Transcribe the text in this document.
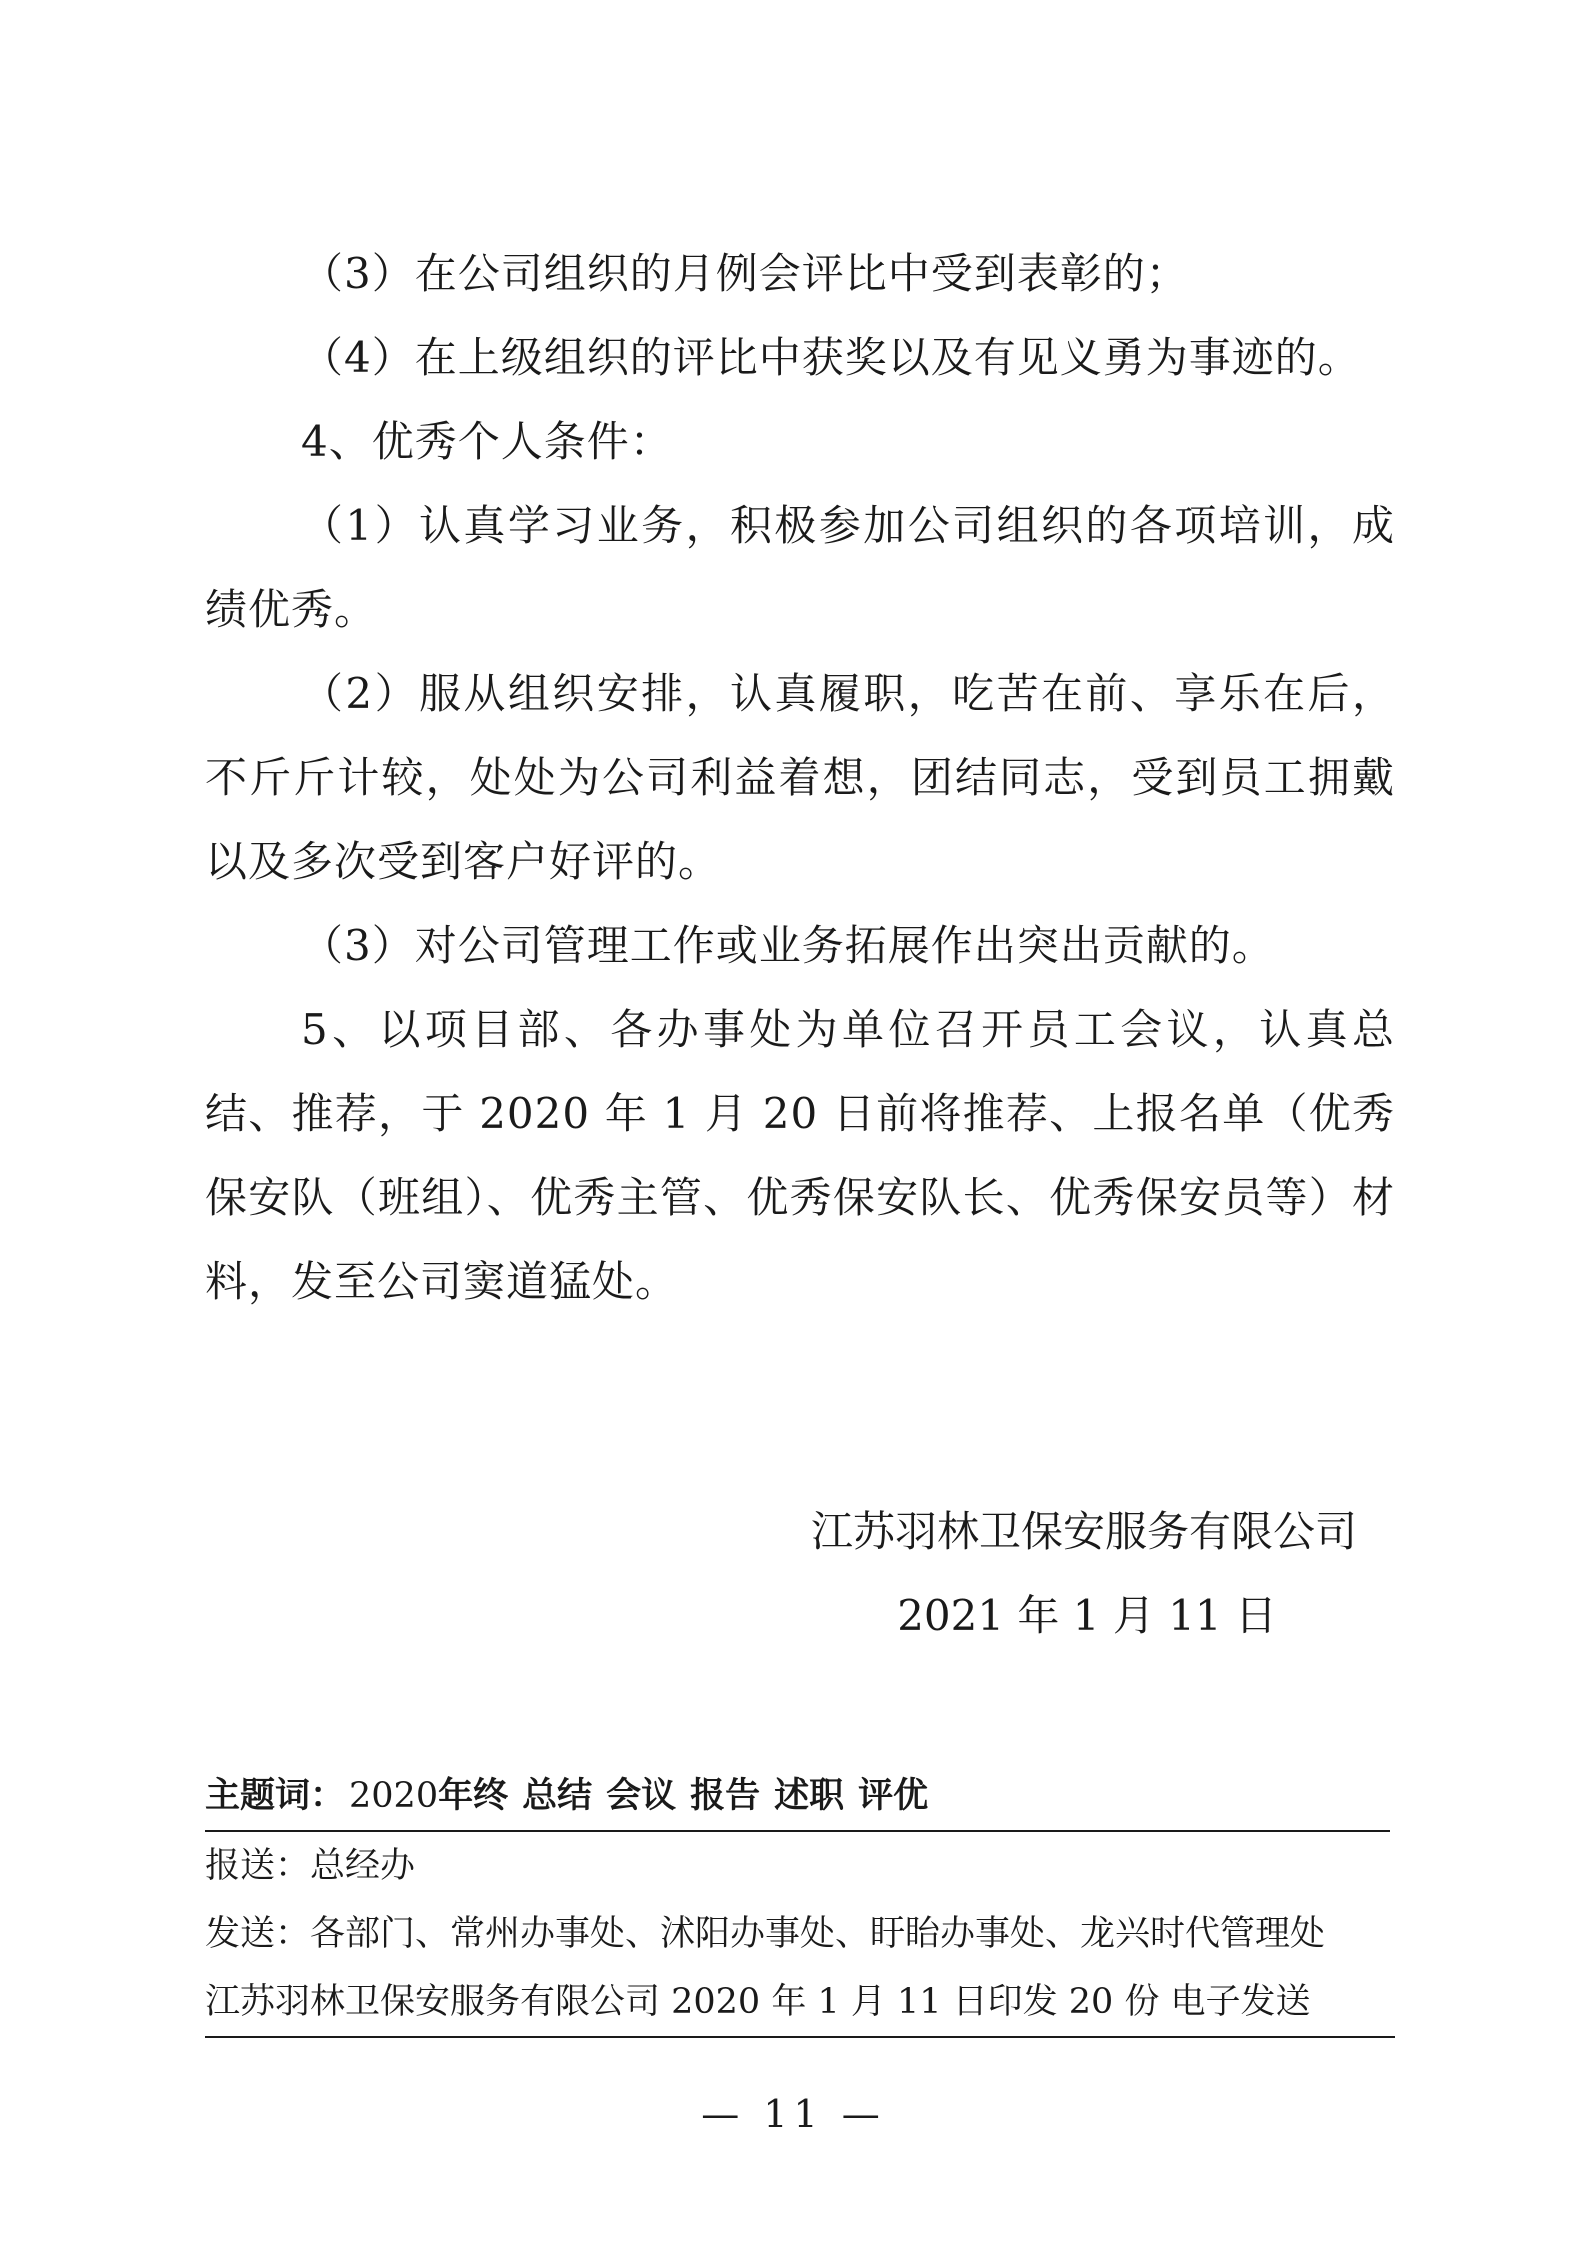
（3）在公司组织的月例会评比中受到表彰的；

（4）在上级组织的评比中获奖以及有见义勇为事迹的。

4、优秀个人条件：

（1）认真学习业务，积极参加公司组织的各项培训，成绩优秀。

（2）服从组织安排，认真履职，吃苦在前、享乐在后，不斤斤计较，处处为公司利益着想，团结同志，受到员工拥戴以及多次受到客户好评的。

（3）对公司管理工作或业务拓展作出突出贡献的。

5、以项目部、各办事处为单位召开员工会议，认真总结、推荐，于 2020 年 1 月 20 日前将推荐、上报名单（优秀保安队（班组）、优秀主管、优秀保安队长、优秀保安员等）材料，发至公司窦道猛处。

江苏羽林卫保安服务有限公司
2021 年 1 月 11 日
主题词： 2020年终 总结 会议 报告 述职 评优
报送：总经办
发送：各部门、常州办事处、沭阳办事处、盱眙办事处、龙兴时代管理处
江苏羽林卫保安服务有限公司 2020 年 1 月 11 日印发 20 份 电子发送
— 11 —
